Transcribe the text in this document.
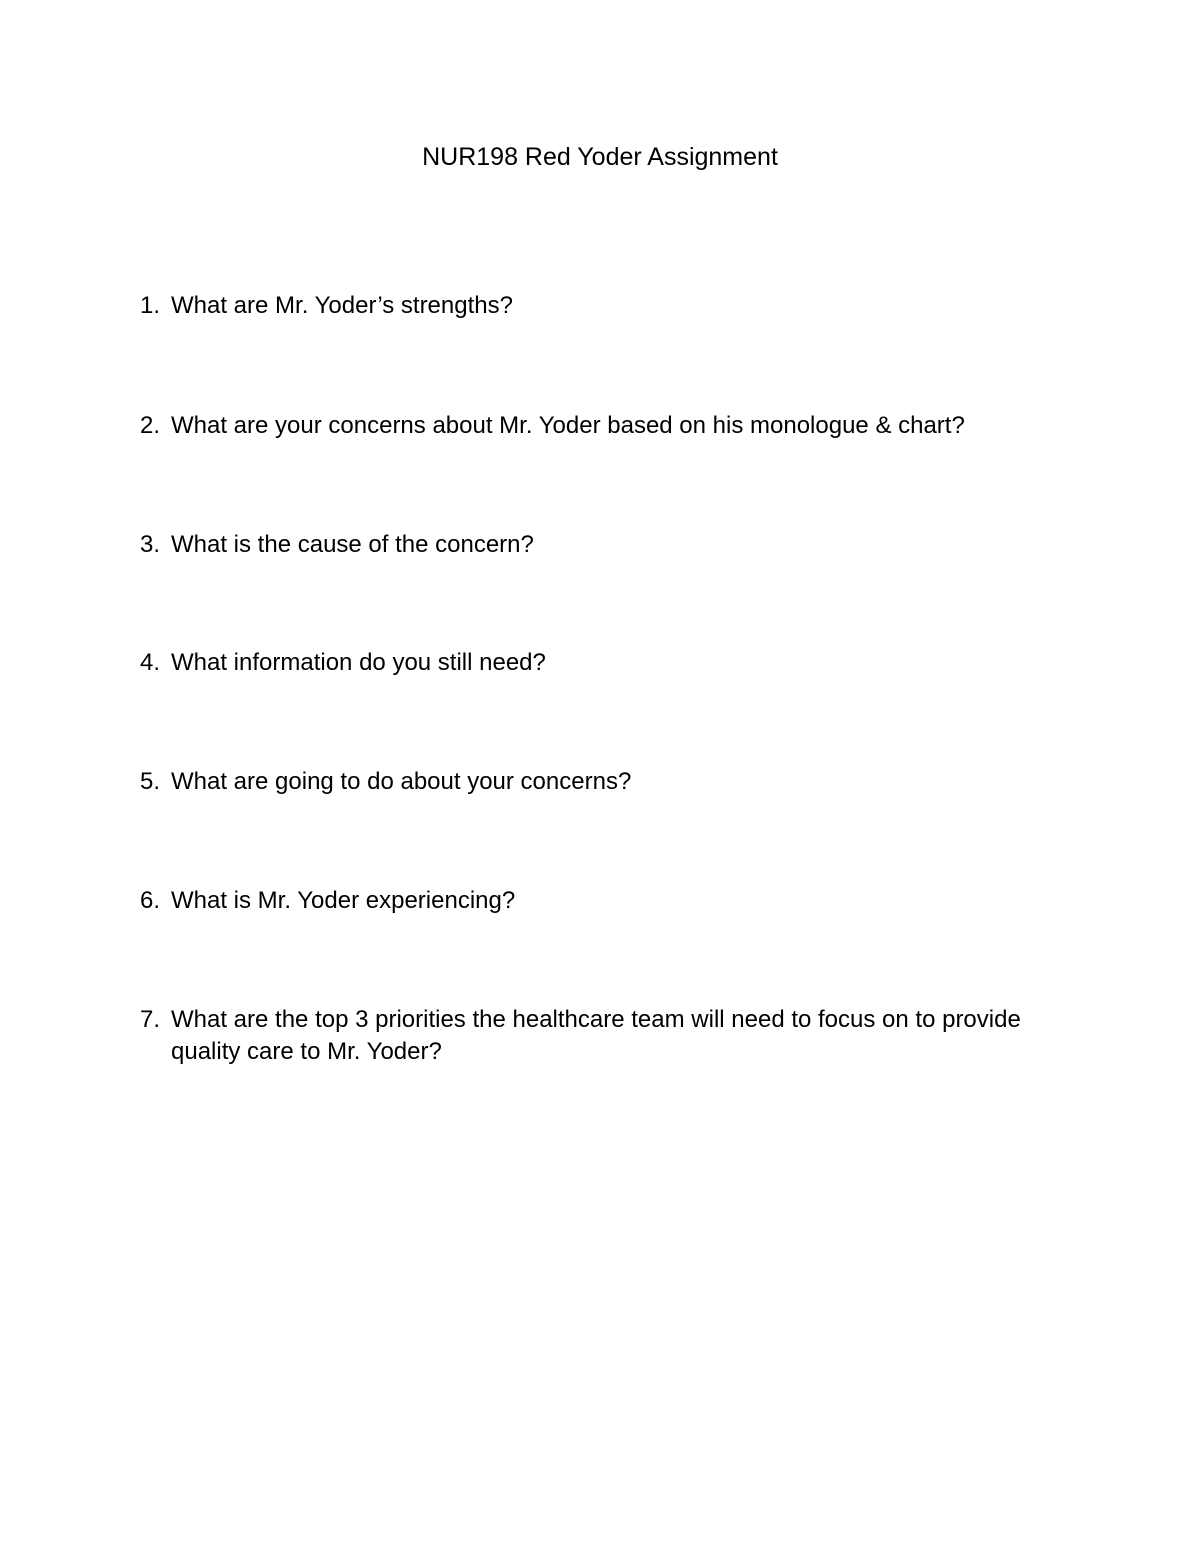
NUR198 Red Yoder Assignment
1. What are Mr. Yoder’s strengths?
2. What are your concerns about Mr. Yoder based on his monologue & chart?
3. What is the cause of the concern?
4. What information do you still need?
5. What are going to do about your concerns?
6. What is Mr. Yoder experiencing?
7. What are the top 3 priorities the healthcare team will need to focus on to provide quality care to Mr. Yoder?
